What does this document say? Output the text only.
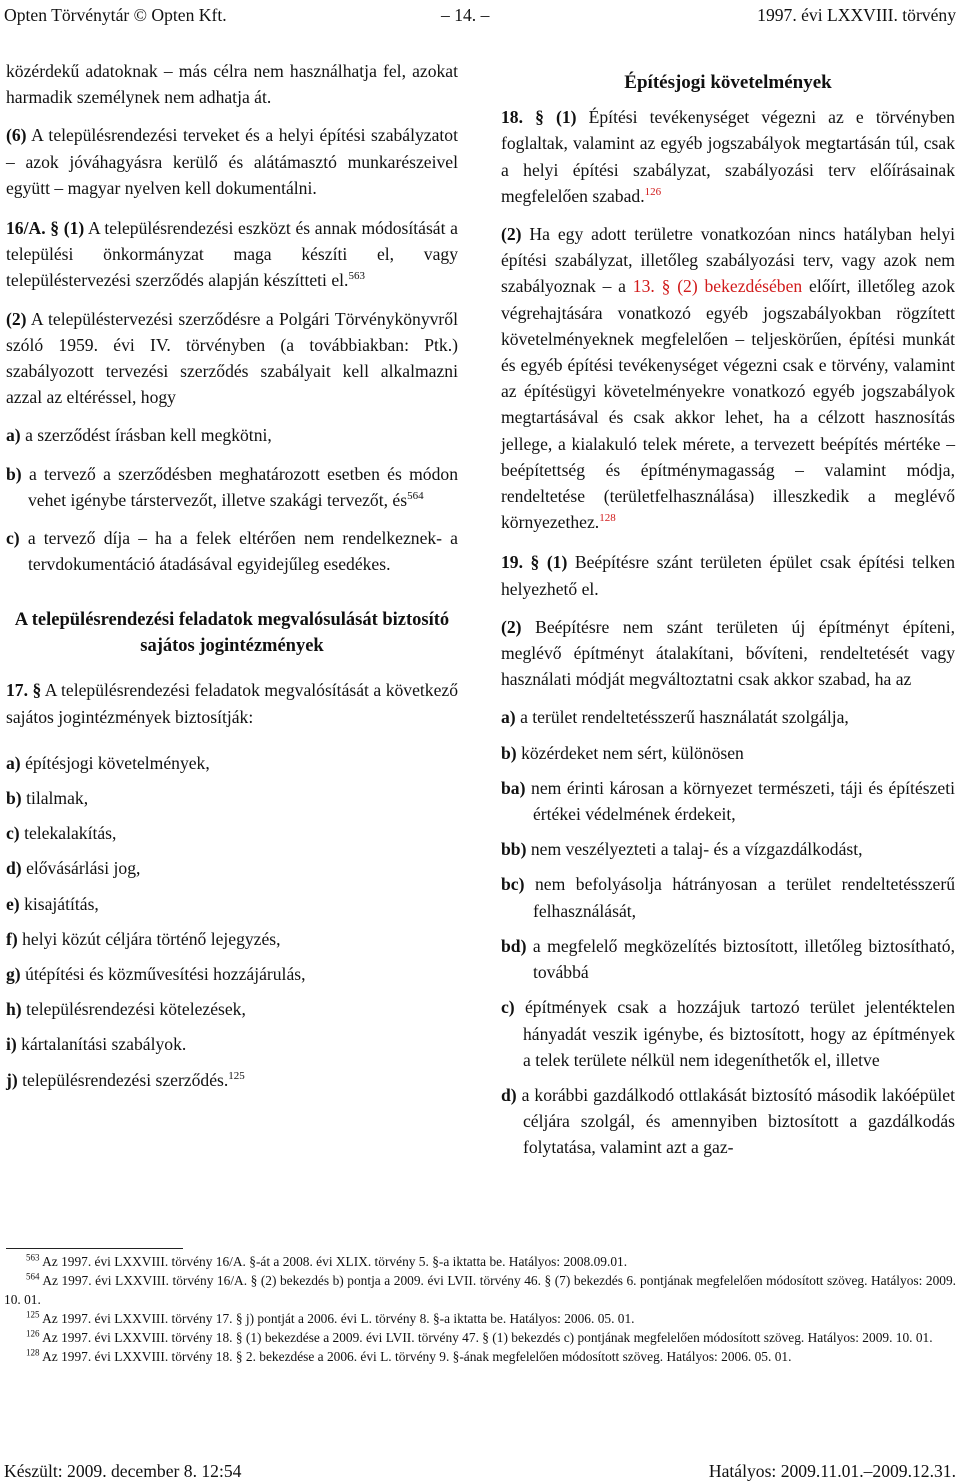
Opten Törvénytár © Opten Kft.	– 14. –	1997. évi LXXVIII. törvény

közérdekű adatoknak – más célra nem használhatja fel, azokat harmadik személynek nem adhatja át.

(6) A településrendezési terveket és a helyi építési szabályzatot – azok jóváhagyásra kerülő és alátámasztó munkarészeivel együtt – magyar nyelven kell dokumentálni.

16/A. § (1) A településrendezési eszközt és annak módosítását a települési önkormányzat maga készíti el, vagy településtervezési szerződés alapján készítteti el.$^{563}$

(2) A településtervezési szerződésre a Polgári Törvénykönyvről szóló 1959. évi IV. törvényben (a továbbiakban: Ptk.) szabályozott tervezési szerződés szabályait kell alkalmazni azzal az eltéréssel, hogy

a) a szerződést írásban kell megkötni,

b) a tervező a szerződésben meghatározott esetben és módon vehet igénybe társtervezőt, illetve szakági tervezőt, $és^{564}$

c) a tervező díja – ha a felek eltérően nem rendelkeznek- a tervdokumentáció átadásával egyidejűleg esedékes.

A településrendezési feladatok megvalósulását biztosító sajátos jogintézmények

17. § A településrendezési feladatok megvalósítását a következő sajátos jogintézmények biztosítják:

a) építésjogi követelmények,

b) tilalmak,

c) telekalakítás,

d) elővásárlási jog,

e) kisajátítás,

f) helyi közút céljára történő lejegyzés,

g) útépítési és közművesítési hozzájárulás,

h) településrendezési kötelezések,

i) kártalanítási szabályok.

j) településrendezési szerződés.$^{125}$

Építésjogi követelmények

18. § (1) Építési tevékenységet végezni az e törvényben foglaltak, valamint az egyéb jogszabályok megtartásán túl, csak a helyi építési szabályzat, szabályozási terv előírásainak megfelelően szabad.$^{126}$

(2) Ha egy adott területre vonatkozóan nincs hatályban helyi építési szabályzat, illetőleg szabályozási terv, vagy azok nem szabályoznak – a 13. § (2) bekezdésében előírt, illetőleg azok végrehajtására vonatkozó egyéb jogszabályokban rögzített követelményeknek megfelelően – teljeskörűen, építési munkát és egyéb építési tevékenységet végezni csak e törvény, valamint az építésügyi követelményekre vonatkozó egyéb jogszabályok megtartásával és csak akkor lehet, ha a célzott hasznosítás jellege, a kialakuló telek mérete, a tervezett beépítés mértéke – beépítettség és építménymagasság – valamint módja, rendeltetése (területfelhasználása) illeszkedik a meglévő környezethez.$^{128}$

19. § (1) Beépítésre szánt területen épület csak építési telken helyezhető el.

(2) Beépítésre nem szánt területen új építményt építeni, meglévő építményt átalakítani, bővíteni, rendeltetését vagy használati módját megváltoztatni csak akkor szabad, ha az

a) a terület rendeltetésszerű használatát szolgálja,

b) közérdeket nem sért, különösen

ba) nem érinti károsan a környezet természeti, táji és építészeti értékei védelmének érdekeit,

bb) nem veszélyezteti a talaj- és a vízgazdálkodást,

bc) nem befolyásolja hátrányosan a terület rendeltetésszerű felhasználását,

bd) a megfelelő megközelítés biztosított, illetőleg biztosítható, továbbá

c) építmények csak a hozzájuk tartozó terület jelentéktelen hányadát veszik igénybe, és biztosított, hogy az építmények a telek területe nélkül nem idegeníthetők el, illetve

d) a korábbi gazdálkodó ottlakását biztosító második lakóépület céljára szolgál, és amennyiben biztosított a gazdálkodás folytatása, valamint azt a gaz-

$^{563}$ Az 1997. évi LXXVIII. törvény 16/A. §-át a 2008. évi XLIX. törvény 5. §-a iktatta be. Hatályos: 2008.09.01.

$^{564}$ Az 1997. évi LXXVIII. törvény 16/A. § (2) bekezdés b) pontja a 2009. évi LVII. törvény 46. § (7) bekezdés 6. pontjának megfelelően módosított szöveg. Hatályos: 2009. 10. 01.

$^{125}$ Az 1997. évi LXXVIII. törvény 17. § j) pontját a 2006. évi L. törvény 8. §-a iktatta be. Hatályos: 2006. 05. 01.

$^{126}$ Az 1997. évi LXXVIII. törvény 18. § (1) bekezdése a 2009. évi LVII. törvény 47. § (1) bekezdés c) pontjának megfelelően módosított szöveg. Hatályos: 2009. 10. 01.

$^{128}$ Az 1997. évi LXXVIII. törvény 18. § 2. bekezdése a 2006. évi L. törvény 9. §-ának megfelelően módosított szöveg. Hatályos: 2006. 05. 01.

Készült: 2009. december 8. 12:54	Hatályos: 2009.11.01.–2009.12.31.
